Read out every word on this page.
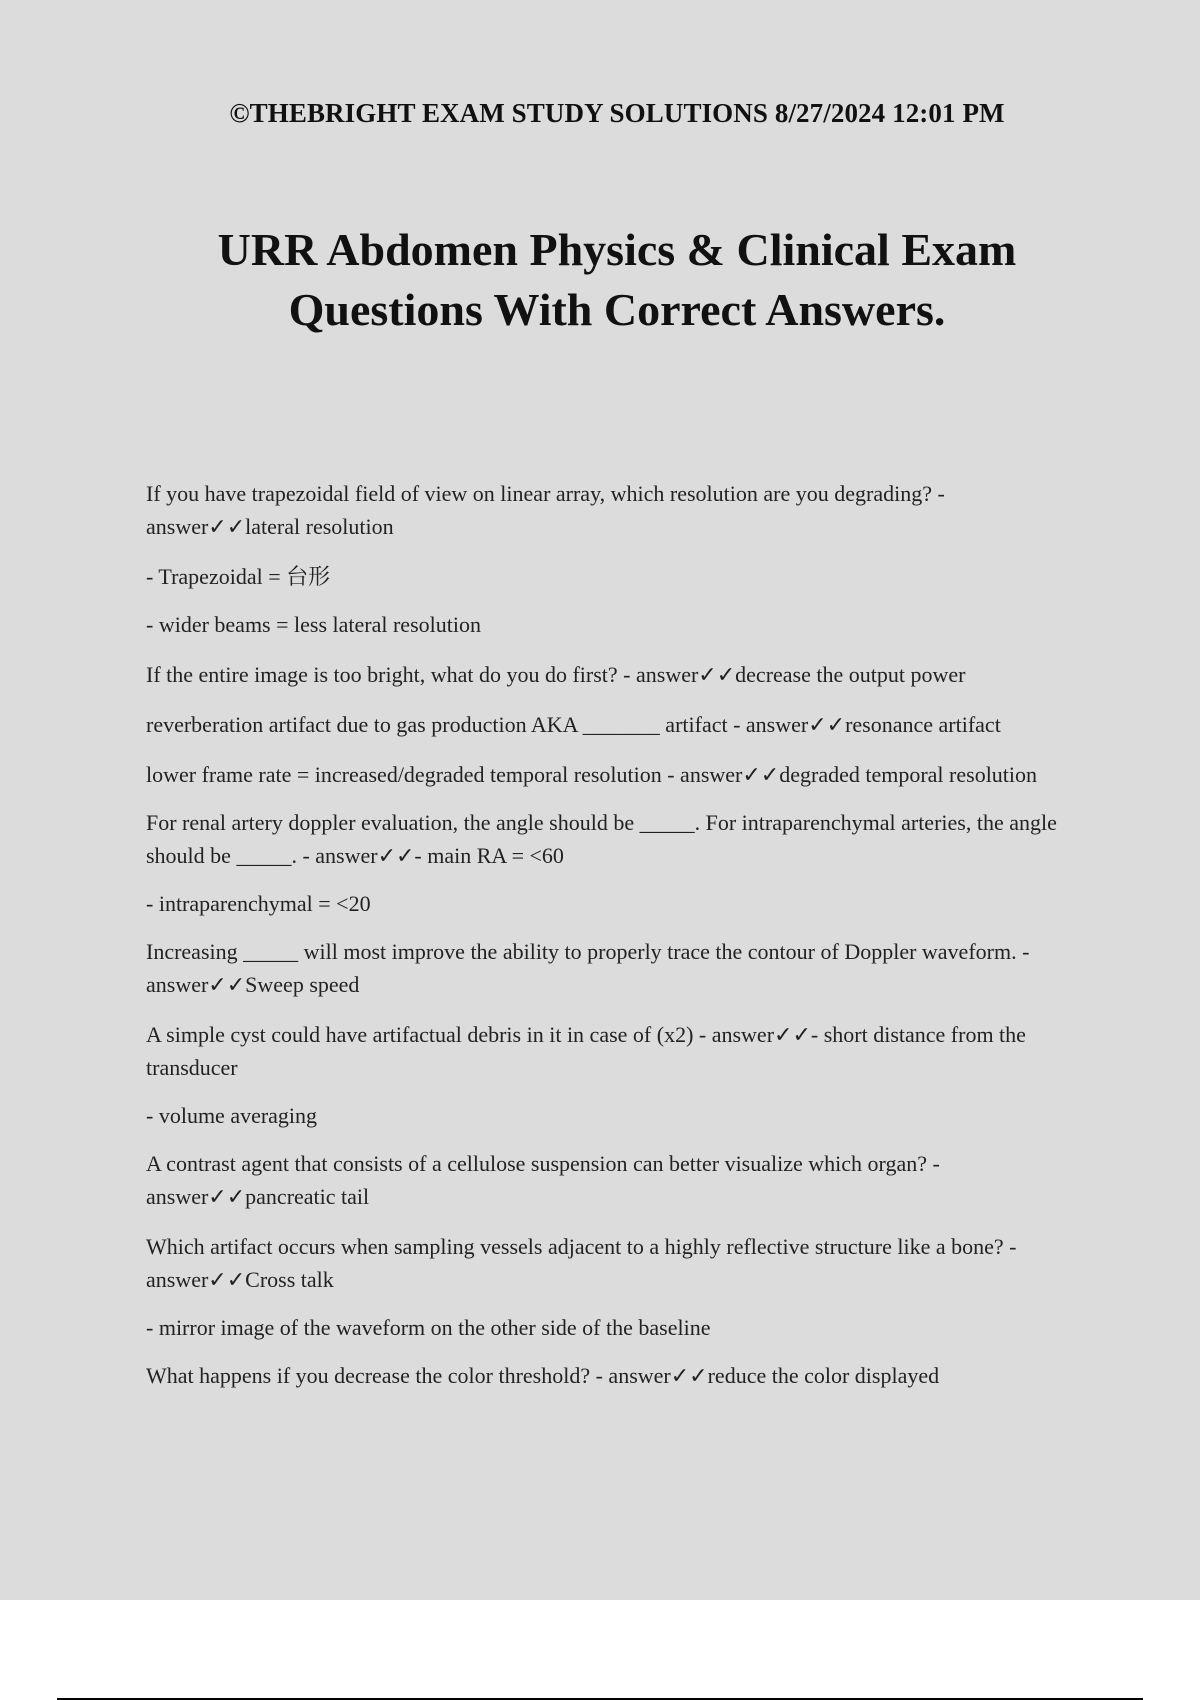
©THEBRIGHT EXAM STUDY SOLUTIONS 8/27/2024 12:01 PM
URR Abdomen Physics & Clinical Exam
Questions With Correct Answers.

If you have trapezoidal field of view on linear array, which resolution are you degrading? - answer✓✓lateral resolution

- Trapezoidal = 台形

- wider beams = less lateral resolution

If the entire image is too bright, what do you do first? - answer✓✓decrease the output power

reverberation artifact due to gas production AKA _______ artifact - answer✓✓resonance artifact

lower frame rate = increased/degraded temporal resolution - answer✓✓degraded temporal resolution

For renal artery doppler evaluation, the angle should be _____. For intraparenchymal arteries, the angle should be _____. - answer✓✓- main RA = <60

- intraparenchymal = <20

Increasing _____ will most improve the ability to properly trace the contour of Doppler waveform. - answer✓✓Sweep speed

A simple cyst could have artifactual debris in it in case of (x2) - answer✓✓- short distance from the transducer

- volume averaging

A contrast agent that consists of a cellulose suspension can better visualize which organ? - answer✓✓pancreatic tail

Which artifact occurs when sampling vessels adjacent to a highly reflective structure like a bone? - answer✓✓Cross talk

- mirror image of the waveform on the other side of the baseline

What happens if you decrease the color threshold? - answer✓✓reduce the color displayed
